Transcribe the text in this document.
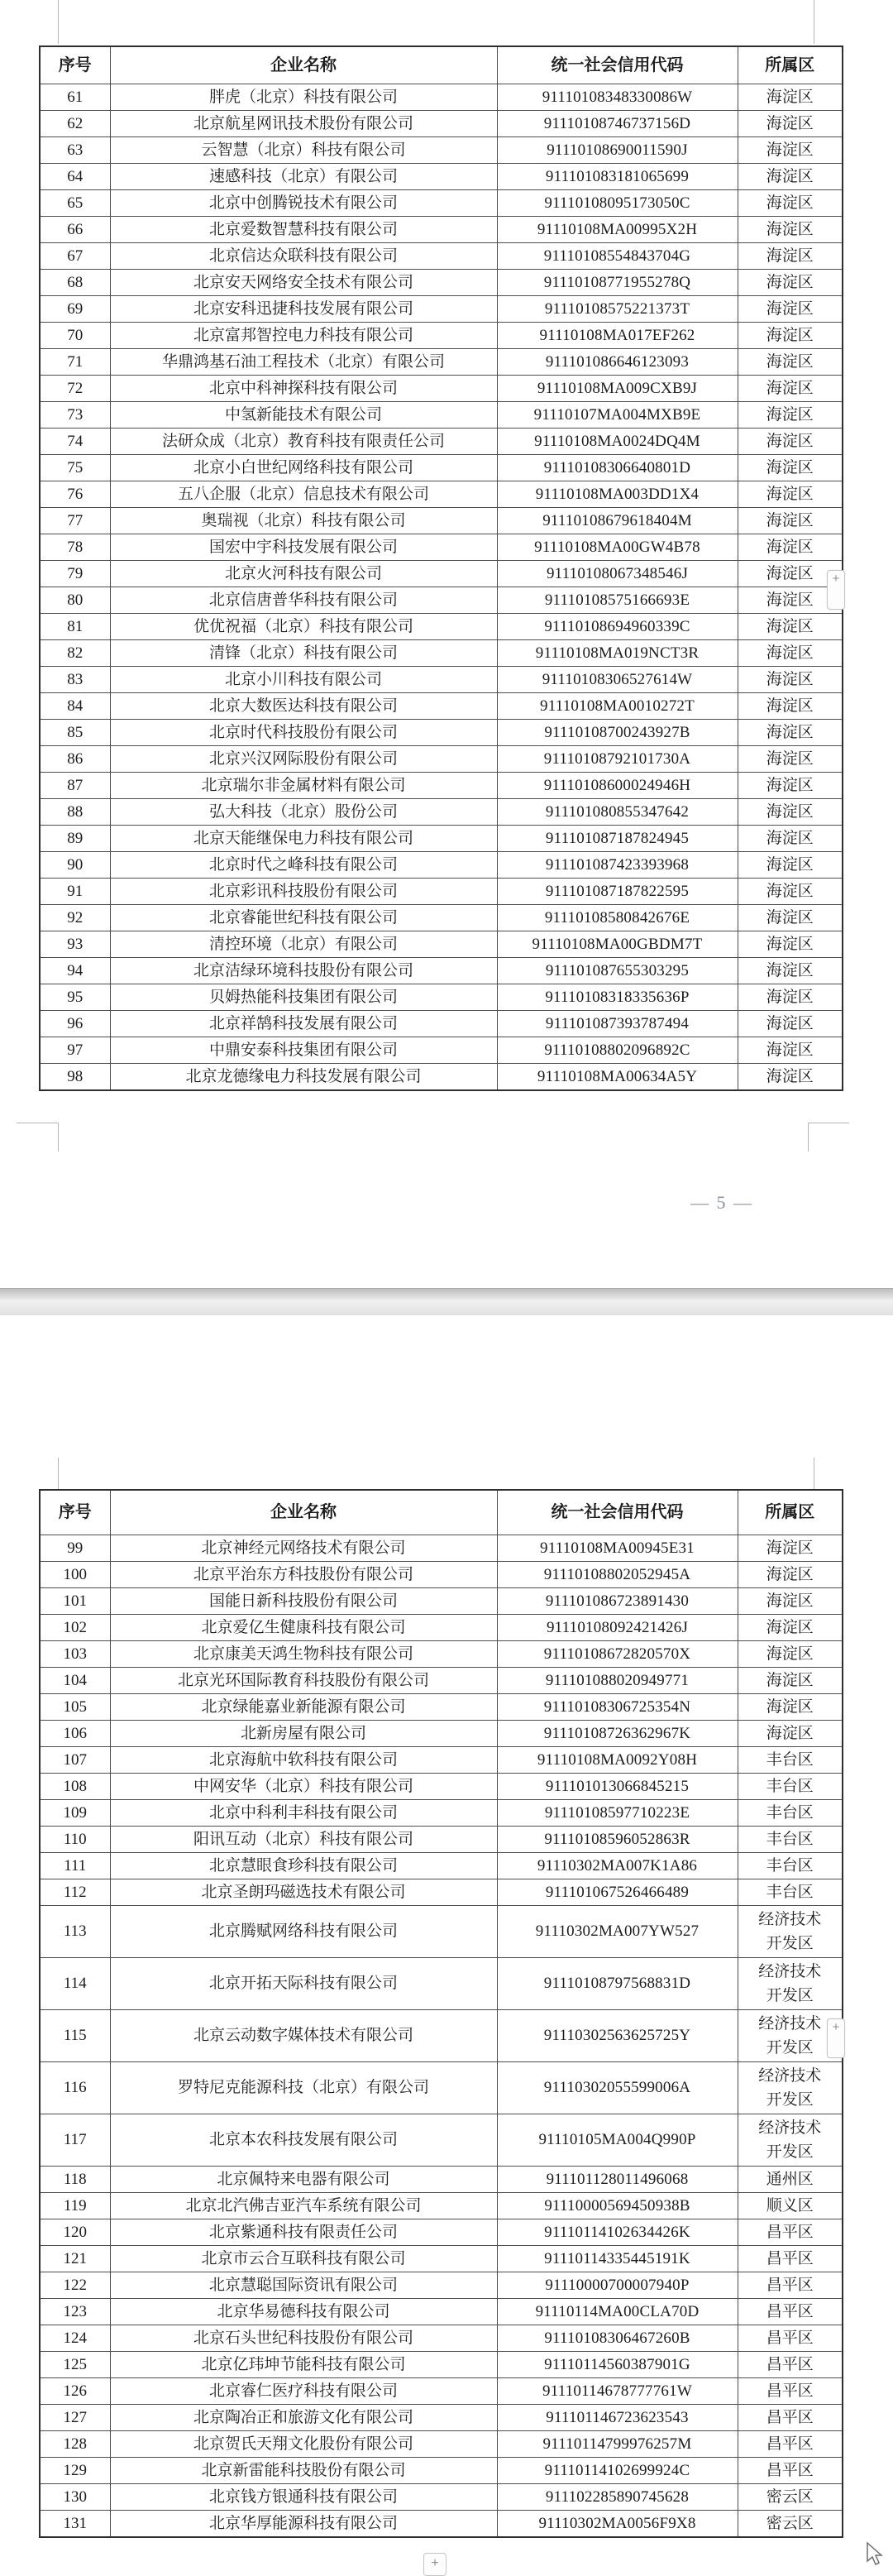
序号	企业名称	统一社会信用代码	所属区
61	胖虎（北京）科技有限公司	91110108348330086W	海淀区
62	北京航星网讯技术股份有限公司	91110108746737156D	海淀区
63	云智慧（北京）科技有限公司	91110108690011590J	海淀区
64	速感科技（北京）有限公司	911101083181065699	海淀区
65	北京中创腾锐技术有限公司	91110108095173050C	海淀区
66	北京爱数智慧科技有限公司	91110108MA00995X2H	海淀区
67	北京信达众联科技有限公司	91110108554843704G	海淀区
68	北京安天网络安全技术有限公司	91110108771955278Q	海淀区
69	北京安科迅捷科技发展有限公司	91110108575221373T	海淀区
70	北京富邦智控电力科技有限公司	91110108MA017EF262	海淀区
71	华鼎鸿基石油工程技术（北京）有限公司	911101086646123093	海淀区
72	北京中科神探科技有限公司	91110108MA009CXB9J	海淀区
73	中氢新能技术有限公司	91110107MA004MXB9E	海淀区
74	法研众成（北京）教育科技有限责任公司	91110108MA0024DQ4M	海淀区
75	北京小白世纪网络科技有限公司	91110108306640801D	海淀区
76	五八企服（北京）信息技术有限公司	91110108MA003DD1X4	海淀区
77	奥瑞视（北京）科技有限公司	91110108679618404M	海淀区
78	国宏中宇科技发展有限公司	91110108MA00GW4B78	海淀区
79	北京火河科技有限公司	91110108067348546J	海淀区
80	北京信唐普华科技有限公司	91110108575166693E	海淀区
81	优优祝福（北京）科技有限公司	91110108694960339C	海淀区
82	清锋（北京）科技有限公司	91110108MA019NCT3R	海淀区
83	北京小川科技有限公司	91110108306527614W	海淀区
84	北京大数医达科技有限公司	91110108MA0010272T	海淀区
85	北京时代科技股份有限公司	91110108700243927B	海淀区
86	北京兴汉网际股份有限公司	91110108792101730A	海淀区
87	北京瑞尔非金属材料有限公司	91110108600024946H	海淀区
88	弘大科技（北京）股份公司	911101080855347642	海淀区
89	北京天能继保电力科技有限公司	911101087187824945	海淀区
90	北京时代之峰科技有限公司	911101087423393968	海淀区
91	北京彩讯科技股份有限公司	911101087187822595	海淀区
92	北京睿能世纪科技有限公司	91110108580842676E	海淀区
93	清控环境（北京）有限公司	91110108MA00GBDM7T	海淀区
94	北京洁绿环境科技股份有限公司	911101087655303295	海淀区
95	贝姆热能科技集团有限公司	91110108318335636P	海淀区
96	北京祥鹄科技发展有限公司	911101087393787494	海淀区
97	中鼎安泰科技集团有限公司	91110108802096892C	海淀区
98	北京龙德缘电力科技发展有限公司	91110108MA00634A5Y	海淀区
— 5 —
+
序号	企业名称	统一社会信用代码	所属区
99	北京神经元网络技术有限公司	91110108MA00945E31	海淀区
100	北京平治东方科技股份有限公司	91110108802052945A	海淀区
101	国能日新科技股份有限公司	911101086723891430	海淀区
102	北京爱亿生健康科技有限公司	91110108092421426J	海淀区
103	北京康美天鸿生物科技有限公司	91110108672820570X	海淀区
104	北京光环国际教育科技股份有限公司	911101088020949771	海淀区
105	北京绿能嘉业新能源有限公司	91110108306725354N	海淀区
106	北新房屋有限公司	91110108726362967K	海淀区
107	北京海航中软科技有限公司	91110108MA0092Y08H	丰台区
108	中网安华（北京）科技有限公司	911101013066845215	丰台区
109	北京中科利丰科技有限公司	91110108597710223E	丰台区
110	阳讯互动（北京）科技有限公司	91110108596052863R	丰台区
111	北京慧眼食珍科技有限公司	91110302MA007K1A86	丰台区
112	北京圣朗玛磁选技术有限公司	911101067526466489	丰台区
113	北京腾赋网络科技有限公司	91110302MA007YW527	经济技术开发区
114	北京开拓天际科技有限公司	91110108797568831D	经济技术开发区
115	北京云动数字媒体技术有限公司	91110302563625725Y	经济技术开发区
116	罗特尼克能源科技（北京）有限公司	91110302055599006A	经济技术开发区
117	北京本农科技发展有限公司	91110105MA004Q990P	经济技术开发区
118	北京佩特来电器有限公司	911101128011496068	通州区
119	北京北汽佛吉亚汽车系统有限公司	91110000569450938B	顺义区
120	北京紫通科技有限责任公司	91110114102634426K	昌平区
121	北京市云合互联科技有限公司	91110114335445191K	昌平区
122	北京慧聪国际资讯有限公司	91110000700007940P	昌平区
123	北京华易德科技有限公司	91110114MA00CLA70D	昌平区
124	北京石头世纪科技股份有限公司	91110108306467260B	昌平区
125	北京亿玮坤节能科技有限公司	91110114560387901G	昌平区
126	北京睿仁医疗科技有限公司	91110114678777761W	昌平区
127	北京陶冶正和旅游文化有限公司	911101146723623543	昌平区
128	北京贺氏天翔文化股份有限公司	91110114799976257M	昌平区
129	北京新雷能科技股份有限公司	91110114102699924C	昌平区
130	北京钱方银通科技有限公司	911102285890745628	密云区
131	北京华厚能源科技有限公司	91110302MA0056F9X8	密云区
+
+
